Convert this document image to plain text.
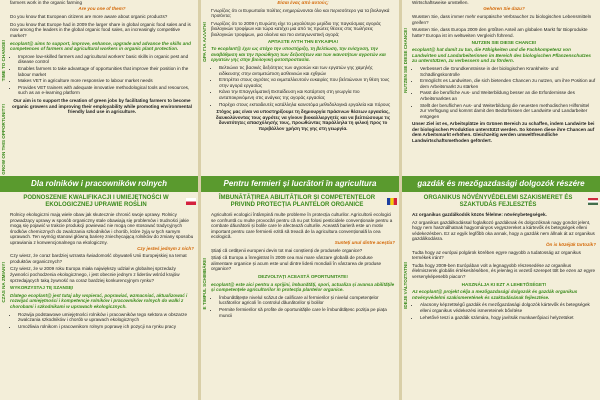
TIME TO CHANGE!
GROW ON THIS OPPORTUNITY!
farmers work in the organic farming
Are you one of them?
Do you know that European citizens are more aware about organic products?
Do you know that Europe had in 2009 the larger share in global organic food sales and is now among the leaders in the global organic food sales, an increasingly competitive market?
ecoplant@ aims to support, improve, enhance, upgrade and advance the skills and competences of farmers and agricultural workers in organic plant protection.
• Improve low-skilled farmers and agricultural workers' basic skills in organic pest and disease control
• Enables farmers to take advantage of opportunities that improve their position in the labour market
• Makes VET in agriculture more responsive to labour market needs
• Provides VET trainers with adequate innovative methodological tools and resources, such as an e-learning platform
Our aim is to support the creation of green jobs by facilitating farmers to become organic growers and improving their employability while promoting environmental friendly land use in agriculture.
Dla rolników i pracowników rolnych
PODNOSZENIE KWALIFIKACJI I UMIEJĘTNOŚCI W EKOLOGICZNEJ UPRAWIE ROŚLIN
CZAS NA ZMIANY!
Rolnicy ekologiczni mają wiele obaw jak skutecznie chronić swoje uprawy. Rolnicy prowadzący uprawy w sposób organiczny stale obawiają się problemów i trudności jakie mogą się pojawić w trakcie produkcji powiewać nie mogą one stosować tradycyjnych środków chemicznych do zwalczania szkodników i chorób, które żyją w tych samym uprawach. Ten wymóg stanowi główną barierę zniechęcającą rolników do zmiany sposobu uprawiania z konwencjonalnego na ekologiczny.
Czy jesteś jednym z nich?
Czy wiesz, że coraz bardziej wzrasta świadomość obywateli Unii Europejskiej na temat produktów organicznych?
Czy wiesz, że w 2009 roku Europa miała największy udział w globalnej sprzedaży żywności pochodzenia ekologicznego, i jest obecnie jednym z liderów wśród krajów sprzedających taką żywność na coraz bardziej konkurencyjnym rynku?
WYKORZYSTAJ TĘ SZANSĘ!
Dlatego ecoplant@ jest tutaj aby wspierać, poprawiać, wzmacniać, aktualizować i rozwijać umiejętności i kompetencje rolników i pracowników rolnych do walki z chorobami i szkodnikami w uprawach ekologicznych.
• Rozwija podstawowe umiejętności rolników i pracowników tego sektora w obszarze zwalczania szkodników i chorób w uprawach ekologicznych
• Umożliwia rolnikom i pracownikom rolnym poprawę ich pozycji na rynku pracy
ΩΡΑ ΓΙΑ ΑΛΛΑΓΗ!
Είσαι ένας από αυτούς;
Γνωρίζεις ότι οι Ευρωπαίοι πολίτες ενημερώνονται όλο και περισσότερο για τα βιολογικά προϊόντα;
Γνωρίζεις ότι το 2009 η Ευρώπη είχε το μεγαλύτερο μερίδιο της παγκόσμιας αγοράς βιολογικών τροφίμων και τώρα κατέχει μια από τις πρώτες θέσεις στις πωλήσεις βιολογικών τροφίμων, μια ολοένα και πιο ανταγωνιστική αγορά;
ΑΡΠΑΞΤΕ ΑΥΤΗ ΤΗΝ ΕΥΚΑΙΡΙΑ!
Το ecoplant@ έχει ως στόχο την υποστήριξη, τη βελτίωση, την ενίσχυση, την αναβάθμιση και την προώθηση των δεξιοτήτων και των ικανοτήτων αγροτών και εργατών γης στην βιολογική φυτοπροστασία.
• Βελτιώνει τις βασικές δεξιότητες των αγροτών και των εργατών γης χαμηλής ειδίκευσης στην αντιμετώπιση ασθενειών και εχθρών
• Επιτρέπει στους αγρότες να εκμεταλλευτούν ευκαιρίες που βελτιώνουν τη θέση τους στην αγορά εργασίας
• Κάνει την Επαγγελματική Εκπαίδευση και Κατάρτιση στη γεωργία πιο ανταποκρινόμενη στις ανάγκες της αγοράς εργασίας
• Παρέχει στους εκπαιδευτές κατάλληλα καινοτόμα μεθοδολογικά εργαλεία και πόρους
Στόχος μας είναι να υποστηρίξουμε τη δημιουργία πράσινων θέσεων εργασίας, διευκολύνοντας τους αγρότες να γίνουν βιοκαλλιεργητές και να βελτιώσουμε τις δυνατότητες απασχόλησής τους, προωθώντας παράλληλα τη φιλική προς το περιβάλλον χρήση της γης στη γεωργία.
Pentru fermieri și lucrători în agricultura
ÎMBUNĂTĂȚIREA ABILITĂȚILOR ȘI COMPETENȚELOR PRIVIND PROTECȚIA PLANTELOR ORGANICE
E TIMPUL SCHIMBĂRII!
Agricultorii ecologici întâmpină multe probleme în protecția culturilor. Agricultorii ecologici se confruntă cu multe provocări pentru că nu pot folosi pesticidele convenționale pentru a combate dăunătorii și bolile care le afectează culturile. Această barieră este un motiv important pentru care fermierii ezită să treacă de la agricultura convențională la cea ecologică.
Sunteți unul dintre aceștia?
Știați că cetățenii europeni devin tot mai conștienți de produsele organice?
Știați că Europa a înregistrat în 2009 cea mai mare vânzare globală de produse alimentare organice și acum este unul dintre liderii mondiali în vânzarea de produse organice?
DEZVOLTAȚI ACEASTĂ OPORTUNITATE!
ecoplant@ este aici pentru a sprijini, îmbunătăți, spori, actualiza și avansa abilitățile și competențele agricultorilor în protecția plantelor organice.
• Îmbunătățește nivelul scăzut de calificare al fermierilor și nivelul competențelor lucrătorilor agricoli în controlul dăunătorilor și bolilor
• Permite fermierilor să profite de oportunitățile care le îmbunătățesc poziția pe piața muncii
NUTZEN SIE DIESE CHANCE!
Wirtschaftsweise umstellen.
Gehören Sie dazu?
Wussten Sie, dass immer mehr europäische Verbraucher zu biologischen Lebensmitteln greifen?
Wussten Sie, dass Europa 2009 den größten Anteil am globalen Markt für Bioprodukte hatte? Europa ist im weltweiten Vergleich führend.
NUTZEN SIE DIESE CHANCE!
ecoplant@ hat damit zu tun, die Fähigkeiten und die Fachkompetenz von Landwirten und Landarbeiterinnen im Bereich des biologischen Pflanzenschutzes zu unterstützen, zu verbessern und zu fördern.
• Verbessert die Grundkenntnisse in der biologischen Krankheits- und Schädlingskontrolle
• Ermöglicht es Landwirten, die sich bietenden Chancen zu nutzen, um ihre Position auf dem Arbeitsmarkt zu stärken
• Passt die berufliche Aus- und Weiterbildung besser an die Erfordernisse des Arbeitsmarktes an
• Stellt der beruflichen Aus- und Weiterbildung die neuesten methodischen Hilfsmittel zur Verfügung und kommt damit den Bedürfnissen der Landwirte und Landarbeiter entgegen
Unser Ziel ist es, Arbeitsplätze im Grünen Bereich zu schaffen, indem Landwirte bei der biologischen Produktion unterstützt werden. So können diese ihre Chancen auf dem Arbeitsmarkt erhöhen. Gleichzeitig werden umweltfreundliche Landwirtschaftsmethoden gefördert.
gazdák és mezőgazdasági dolgozók részére
ORGANIKUS NÖVÉNYVÉDELEMI SZAKISMERET ÉS SZAKTUDÁS FEJLESZTÉS
IDEJE VÁLTOZTATNI!
Az organikus gazdálkodók közös félelme: növénybetegségek.
Az organikus gazdálkodással foglalkozó gazdáknak és dolgozóknak nagy gondot jelent, hogy nem használhatnak hagyományos vegyszereket a kártevők és betegségek elleni védekezésben. Ez az egyik legfőbb oka annak, hogy a gazdák nem állnak át az organikus gazdálkodásra.
Ön is közéjük tartozik?
Tudta hogy az európai polgárok körében egyre nagyobb a tudatosság az organikus termékek iránt?
Tudta hogy 2009-ben Európában volt a legnagyobb részesedése az organikus élelmiszerek globális értékesítésében, és jelenleg is vezető szerepet tölt be ezen az egyre versenyképesebb piacon?
HASZNÁLJA KI EZT A LEHETŐSÉGET!
Az ecoplant@ projekt célja a mezőgazdasági dolgozók és gazdák organikus növényvédelmi szakismeretének és szaktudásának fejlesztése.
• Alacsony képzettségű gazdák és mezőgazdasági dolgozók kártevők és betegségek elleni organikus védekezési ismereteinek bővítése
• Lehetővé teszi a gazdák számára, hogy javítsák munkaerőpiaci helyzetüket
